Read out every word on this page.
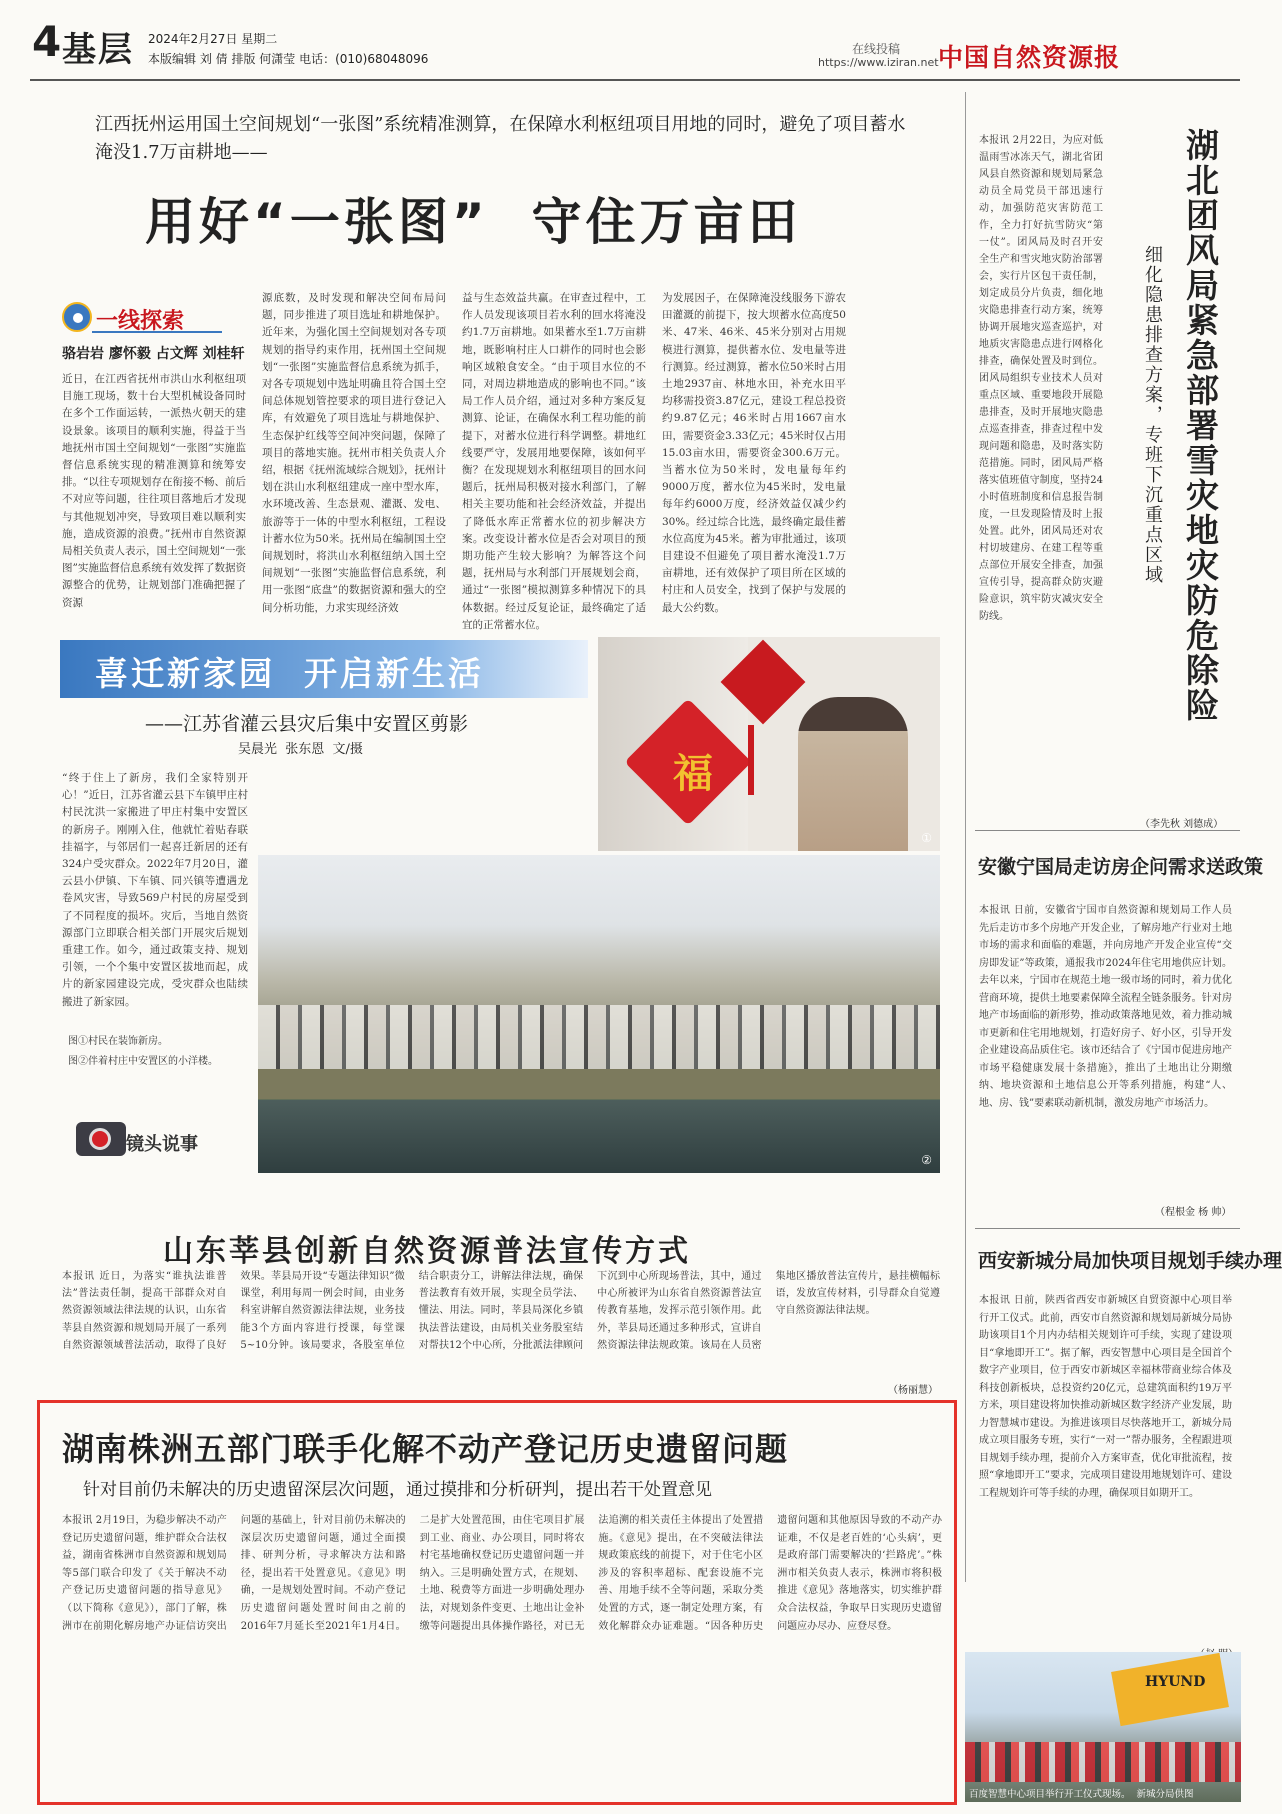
4 基层 2024年2月27日 星期二
本版编辑 刘 倩 排版 何潇莹 电话：(010)68048096
在线投稿
https://www.iziran.net 中国自然资源报
江西抚州运用国土空间规划“一张图”系统精准测算，在保障水利枢纽项目用地的同时，避免了项目蓄水淹没1.7万亩耕地——
用好“一张图”  守住万亩田
一线探索
骆岩岩 廖怀毅 占文辉 刘桂轩
近日，在江西省抚州市洪山水利枢纽项目施工现场，数十台大型机械设备同时在多个工作面运转，一派热火朝天的建设景象。该项目的顺利实施，得益于当地抚州市国土空间规划“一张图”实施监督信息系统实现的精准测算和统筹安排。“以往专项规划存在衔接不畅、前后不对应等问题，往往项目落地后才发现与其他规划冲突，导致项目难以顺利实施，造成资源的浪费。”抚州市自然资源局相关负责人表示，国土空间规划“一张图”实施监督信息系统有效发挥了数据资源整合的优势，让规划部门准确把握了资源
源底数，及时发现和解决空间布局问题，同步推进了项目选址和耕地保护。近年来，为强化国土空间规划对各专项规划的指导约束作用，抚州国土空间规划“一张图”实施监督信息系统为抓手，对各专项规划中选址明确且符合国土空间总体规划管控要求的项目进行登记入库，有效避免了项目选址与耕地保护、生态保护红线等空间冲突问题，保障了项目的落地实施。抚州市相关负责人介绍，根据《抚州流域综合规划》，抚州计划在洪山水利枢纽建成一座中型水库，水环境改善、生态景观、灌溉、发电、旅游等于一体的中型水利枢纽，工程设计蓄水位为50米。抚州局在编制国土空间规划时，将洪山水利枢纽纳入国土空间规划“一张图”实施监督信息系统，利用一张图“底盘”的数据资源和强大的空间分析功能，力求实现经济效
益与生态效益共赢。在审查过程中，工作人员发现该项目若水利的回水将淹没约1.7万亩耕地。如果蓄水至1.7万亩耕地，既影响村庄人口耕作的同时也会影响区域粮食安全。“由于项目水位的不同，对周边耕地造成的影响也不同。”该局工作人员介绍，通过对多种方案反复测算、论证，在确保水利工程功能的前提下，对蓄水位进行科学调整。耕地红线要严守，发展用地要保障，该如何平衡？在发现规划水利枢纽项目的回水问题后，抚州局积极对接水利部门，了解相关主要功能和社会经济效益，并提出了降低水库正常蓄水位的初步解决方案。改变设计蓄水位是否会对项目的预期功能产生较大影响？为解答这个问题，抚州局与水利部门开展规划会商，通过“一张图”模拟测算多种情况下的具体数据。经过反复论证，最终确定了适宜的正常蓄水位。
为发展因子，在保障淹没线服务下游农田灌溉的前提下，按大坝蓄水位高度50米、47米、46米、45米分别对占用规模进行测算，提供蓄水位、发电量等进行测算。经过测算，蓄水位50米时占用土地2937亩、林地水田，补充水田平均移需投资3.87亿元，建设工程总投资约9.87亿元；46米时占用1667亩水田，需要资金3.33亿元；45米时仅占用15.03亩水田，需要资金300.6万元。当蓄水位为50米时，发电量每年约9000万度，蓄水位为45米时，发电量每年约6000万度，经济效益仅减少约30%。经过综合比选，最终确定最佳蓄水位高度为45米。蓄为审批通过，该项目建设不但避免了项目蓄水淹没1.7万亩耕地，还有效保护了项目所在区域的村庄和人员安全，找到了保护与发展的最大公约数。
本报讯 2月22日，为应对低温雨雪冰冻天气，湖北省团风县自然资源和规划局紧急动员全局党员干部迅速行动，加强防范灾害防范工作，全力打好抗雪防灾“第一仗”。团风局及时召开安全生产和雪灾地灾防治部署会，实行片区包干责任制，划定成员分片负责，细化地灾隐患排查行动方案，统筹协调开展地灾巡查巡护，对地质灾害隐患点进行网格化排查，确保处置及时到位。团风局组织专业技术人员对重点区域、重要地段开展隐患排查，及时开展地灾隐患点巡查排查，排查过程中发现问题和隐患，及时落实防范措施。同时，团风局严格落实值班值守制度，坚持24小时值班制度和信息报告制度，一旦发现险情及时上报处置。此外，团风局还对农村切坡建房、在建工程等重点部位开展安全排查，加强宣传引导，提高群众防灾避险意识，筑牢防灾减灾安全防线。	湖北团风局紧急部署雪灾地灾防危除险
细化隐患排查方案，专班下沉重点区域
（李先秋 刘德成）
喜迁新家园  开启新生活
——江苏省灌云县灾后集中安置区剪影
吴晨光  张东恩  文/摄
福
①
“终于住上了新房，我们全家特别开心！”近日，江苏省灌云县下车镇甲庄村村民沈洪一家搬进了甲庄村集中安置区的新房子。刚刚入住，他就忙着贴春联挂福字，与邻居们一起喜迁新居的还有324户受灾群众。2022年7月20日，灌云县小伊镇、下车镇、同兴镇等遭遇龙卷风灾害，导致569户村民的房屋受到了不同程度的损坏。灾后，当地自然资源部门立即联合相关部门开展灾后规划重建工作。如今，通过政策支持、规划引领，一个个集中安置区拔地而起，成片的新家园建设完成，受灾群众也陆续搬进了新家园。
图①村民在装饰新房。
图②伴着村庄中安置区的小洋楼。
②
镜头说事
安徽宁国局走访房企问需求送政策
本报讯 日前，安徽省宁国市自然资源和规划局工作人员先后走访市多个房地产开发企业，了解房地产行业对土地市场的需求和面临的难题，并向房地产开发企业宣传“交房即发证”等政策，通报我市2024年住宅用地供应计划。去年以来，宁国市在规范土地一级市场的同时，着力优化营商环境，提供土地要素保障全流程全链条服务。针对房地产市场面临的新形势，推动政策落地见效，着力推动城市更新和住宅用地规划，打造好房子、好小区，引导开发企业建设高品质住宅。该市还结合了《宁国市促进房地产市场平稳健康发展十条措施》，推出了土地出让分期缴纳、地块资源和土地信息公开等系列措施，构建“人、地、房、钱”要素联动新机制，激发房地产市场活力。
（程根金 杨 帅）
山东莘县创新自然资源普法宣传方式
本报讯 近日，为落实“谁执法谁普法”普法责任制，提高干部群众对自然资源领域法律法规的认识，山东省莘县自然资源和规划局开展了一系列自然资源领域普法活动，取得了良好效果。莘县局开设“专题法律知识”微课堂，利用每周一例会时间，由业务科室讲解自然资源法律法规，业务技能3个方面内容进行授课，每堂课5~10分钟。该局要求，各股室单位结合职责分工，讲解法律法规，确保普法教育有效开展，实现全员学法、懂法、用法。同时，莘县局深化乡镇执法普法建设，由局机关业务股室结对帮扶12个中心所，分批派法律顾问下沉到中心所现场普法，其中，通过中心所被评为山东省自然资源普法宣传教育基地，发挥示范引领作用。此外，莘县局还通过多种形式，宣讲自然资源法律法规政策。该局在人员密集地区播放普法宣传片，悬挂横幅标语，发放宣传材料，引导群众自觉遵守自然资源法律法规。
（杨丽慧）
西安新城分局加快项目规划手续办理
本报讯 日前，陕西省西安市新城区自贸资源中心项目举行开工仪式。此前，西安市自然资源和规划局新城分局协助该项目1个月内办结相关规划许可手续，实现了建设项目“拿地即开工”。据了解，西安智慧中心项目是全国首个数字产业项目，位于西安市新城区幸福林带商业综合体及科技创新板块，总投资约20亿元，总建筑面积约19万平方米，项目建设将加快推动新城区数字经济产业发展，助力智慧城市建设。为推进该项目尽快落地开工，新城分局成立项目服务专班，实行“一对一”帮办服务，全程跟进项目规划手续办理，提前介入方案审查，优化审批流程，按照“拿地即开工”要求，完成项目建设用地规划许可、建设工程规划许可等手续的办理，确保项目如期开工。
湖南株洲五部门联手化解不动产登记历史遗留问题
针对目前仍未解决的历史遗留深层次问题，通过摸排和分析研判，提出若干处置意见
本报讯 2月19日，为稳步解决不动产登记历史遗留问题，维护群众合法权益，湖南省株洲市自然资源和规划局等5部门联合印发了《关于解决不动产登记历史遗留问题的指导意见》（以下简称《意见》），部门了解，株洲市在前期化解房地产办证信访突出问题的基础上，针对目前仍未解决的深层次历史遗留问题，通过全面摸排、研判分析，寻求解决方法和路径，提出若干处置意见。《意见》明确，一是规划处置时间。不动产登记历史遗留问题处置时间由之前的2016年7月延长至2021年1月4日。二是扩大处置范围，由住宅项目扩展到工业、商业、办公项目，同时将农村宅基地确权登记历史遗留问题一并纳入。三是明确处置方式，在规划、土地、税费等方面进一步明确处理办法，对规划条件变更、土地出让金补缴等问题提出具体操作路径，对已无法追溯的相关责任主体提出了处置措施。《意见》提出，在不突破法律法规政策底线的前提下，对于住宅小区涉及的容积率超标、配套设施不完善、用地手续不全等问题，采取分类处置的方式，逐一制定处理方案，有效化解群众办证难题。“因各种历史遗留问题和其他原因导致的不动产办证难，不仅是老百姓的‘心头病’，更是政府部门需要解决的‘拦路虎’。”株洲市相关负责人表示，株洲市将积极推进《意见》落地落实，切实维护群众合法权益，争取早日实现历史遗留问题应办尽办、应登尽登。
HYUND
百度智慧中心项目举行开工仪式现场。  新城分局供图
